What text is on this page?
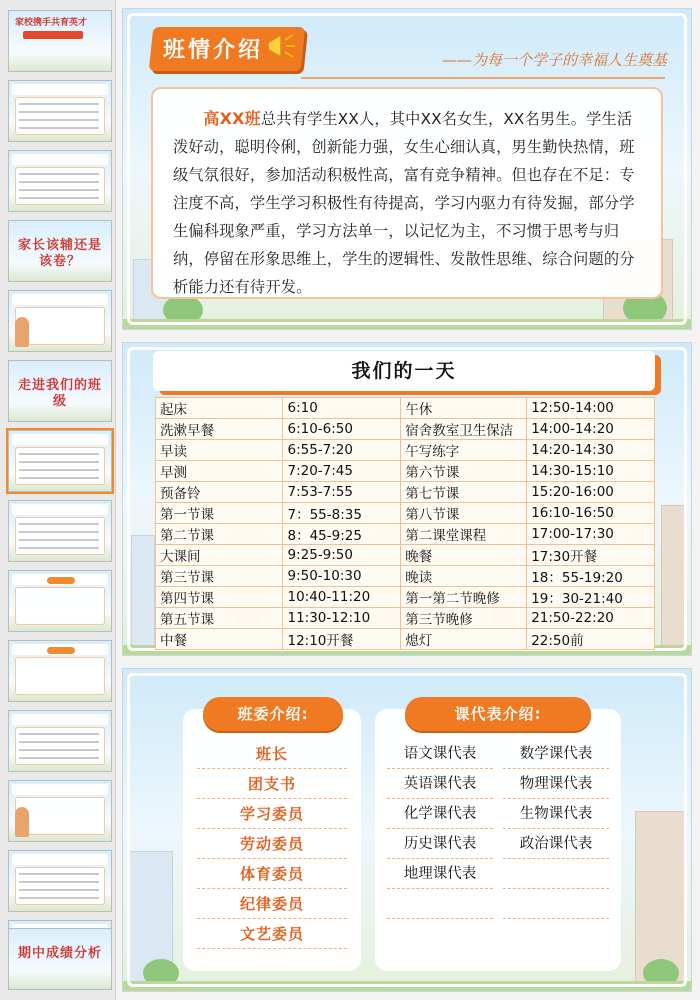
家校携手共育英才
家长该辅还是该卷？
走进我们的班级
期中成绩分析
班情介绍	——为每一个学子的幸福人生奠基

高XX班总共有学生XX人，其中XX名女生，XX名男生。学生活泼好动，聪明伶俐，创新能力强，女生心细认真，男生勤快热情，班级气氛很好，参加活动积极性高，富有竞争精神。但也存在不足：专注度不高，学生学习积极性有待提高，学习内驱力有待发掘，部分学生偏科现象严重，学习方法单一，以记忆为主，不习惯于思考与归纳，停留在形象思维上，学生的逻辑性、发散性思维、综合问题的分析能力还有待开发。

我们的一天
起床	6:10	午休	12:50-14:00
洗漱早餐	6:10-6:50	宿舍教室卫生保洁	14:00-14:20
早读	6:55-7:20	午写练字	14:20-14:30
早测	7:20-7:45	第六节课	14:30-15:10
预备铃	7:53-7:55	第七节课	15:20-16:00
第一节课	7：55-8:35	第八节课	16:10-16:50
第二节课	8：45-9:25	第二课堂课程	17:00-17:30
大课间	9:25-9:50	晚餐	17:30开餐
第三节课	9:50-10:30	晚读	18：55-19:20
第四节课	10:40-11:20	第一第二节晚修	19：30-21:40
第五节课	11:30-12:10	第三节晚修	21:50-22:20
中餐	12:10开餐	熄灯	22:50前
班委介绍:
班长
团支书
学习委员
劳动委员
体育委员
纪律委员
文艺委员
课代表介绍:
语文课代表	数学课代表
英语课代表	物理课代表
化学课代表	生物课代表
历史课代表	政治课代表
地理课代表
